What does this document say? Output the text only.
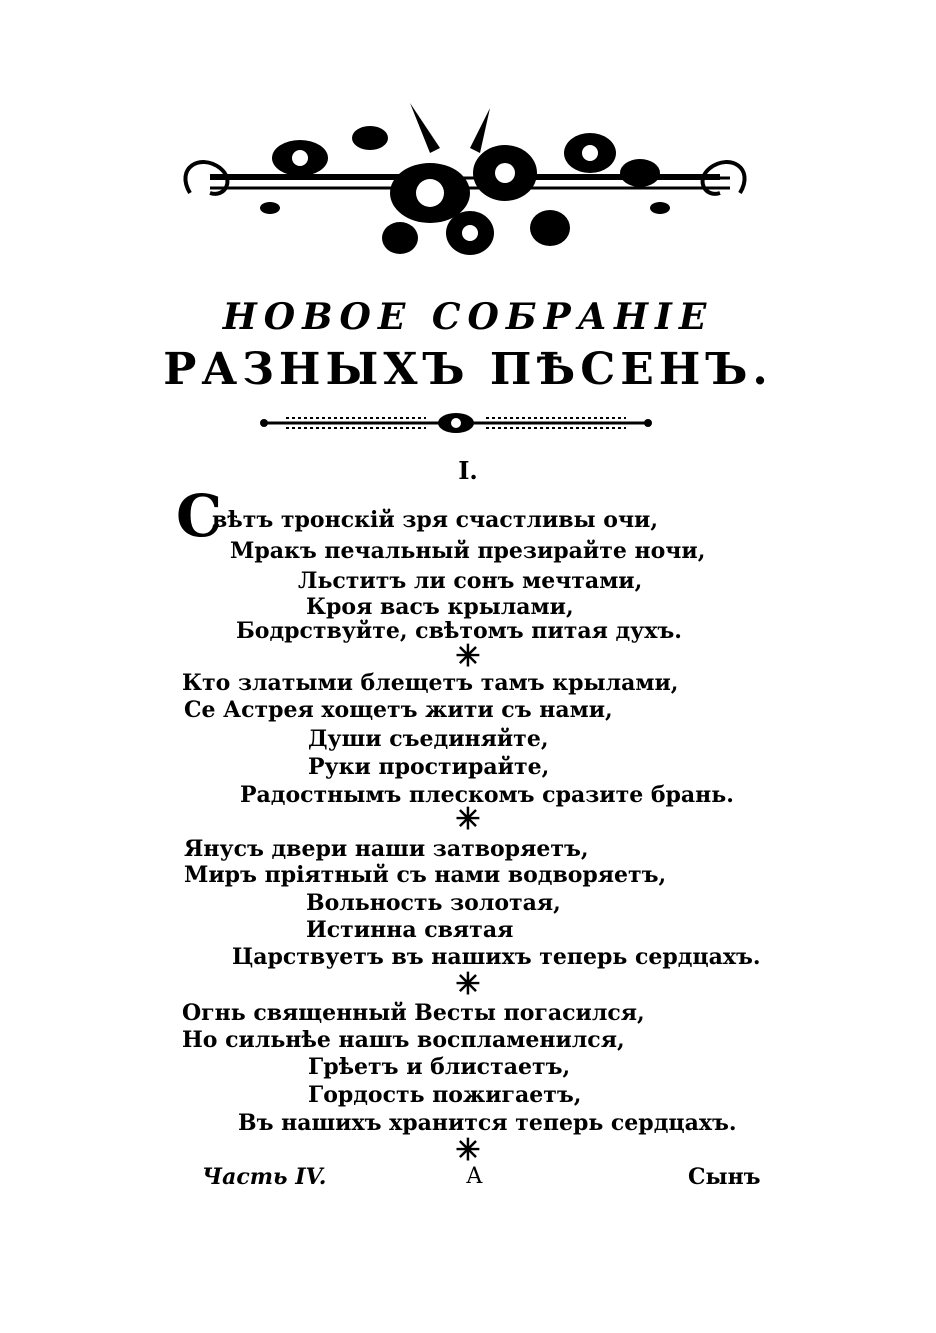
НОВОЕ СОБРАНІЕ
РАЗНЫХЪ ПѢСЕНЪ.
I.
С
вѣтъ тронскій зря счастливы очи,
Мракъ печальный презирайте ночи,
Льститъ ли сонъ мечтами,
Кроя васъ крылами,
Бодрствуйте, свѣтомъ питая духъ.
✳
Кто златыми блещетъ тамъ крылами,
Се Астрея хощетъ жити съ нами,
Души съединяйте,
Руки простирайте,
Радостнымъ плескомъ сразите брань.
✳
Янусъ двери наши затворяетъ,
Миръ пріятный съ нами водворяетъ,
Вольность золотая,
Истинна святая
Царствуетъ въ нашихъ теперь сердцахъ.
✳
Огнь священный Весты погасился,
Но сильнѣе нашъ воспламенился,
Грѣетъ и блистаетъ,
Гордость пожигаетъ,
Въ нашихъ хранится теперь сердцахъ.
✳
Часть IV.	А	Сынъ
